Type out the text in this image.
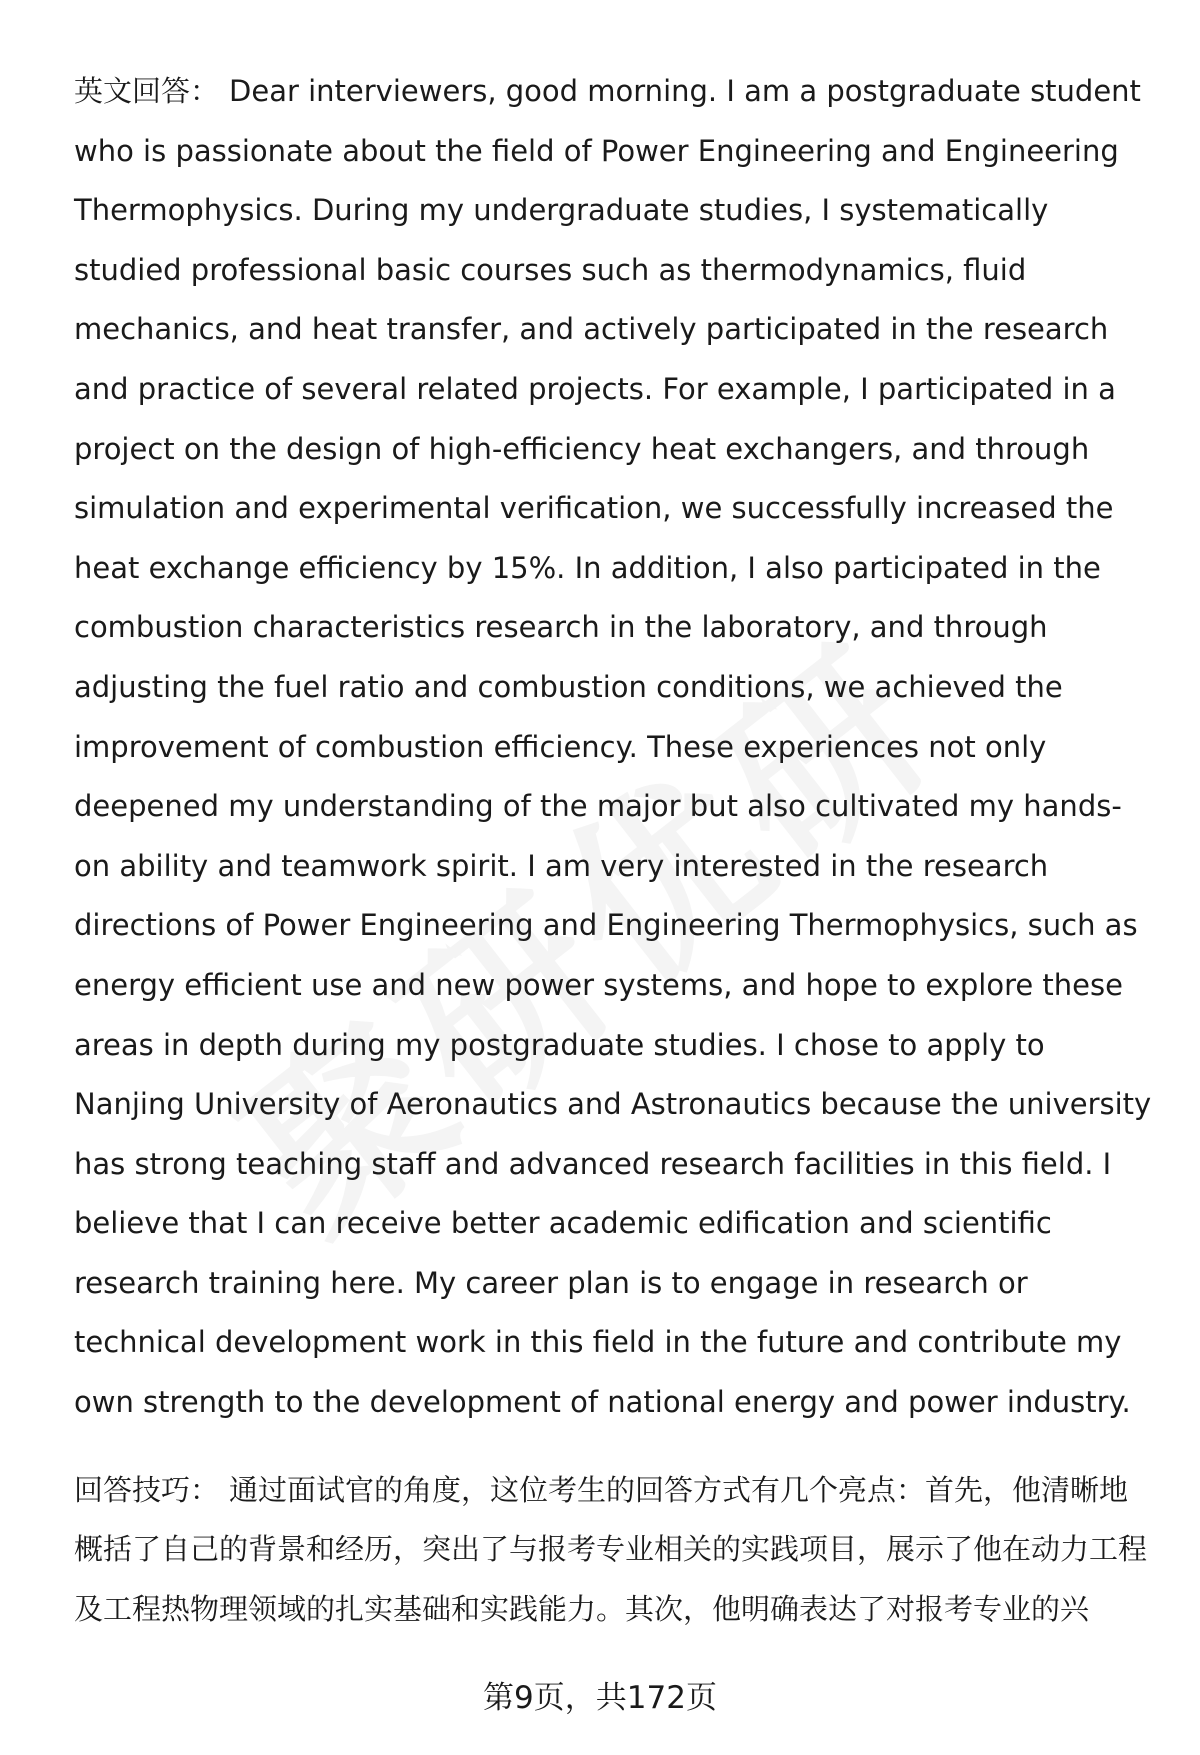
英文回答： Dear interviewers, good morning. I am a postgraduate student who is passionate about the field of Power Engineering and Engineering Thermophysics. During my undergraduate studies, I systematically studied professional basic courses such as thermodynamics, fluid mechanics, and heat transfer, and actively participated in the research and practice of several related projects. For example, I participated in a project on the design of high-efficiency heat exchangers, and through simulation and experimental verification, we successfully increased the heat exchange efficiency by 15%. In addition, I also participated in the combustion characteristics research in the laboratory, and through adjusting the fuel ratio and combustion conditions, we achieved the improvement of combustion efficiency. These experiences not only deepened my understanding of the major but also cultivated my hands-on ability and teamwork spirit. I am very interested in the research directions of Power Engineering and Engineering Thermophysics, such as energy efficient use and new power systems, and hope to explore these areas in depth during my postgraduate studies. I chose to apply to Nanjing University of Aeronautics and Astronautics because the university has strong teaching staff and advanced research facilities in this field. I believe that I can receive better academic edification and scientific research training here. My career plan is to engage in research or technical development work in this field in the future and contribute my own strength to the development of national energy and power industry.

回答技巧： 通过面试官的角度，这位考生的回答方式有几个亮点：首先，他清晰地概括了自己的背景和经历，突出了与报考专业相关的实践项目，展示了他在动力工程及工程热物理领域的扎实基础和实践能力。其次，他明确表达了对报考专业的兴

第9页，共172页
